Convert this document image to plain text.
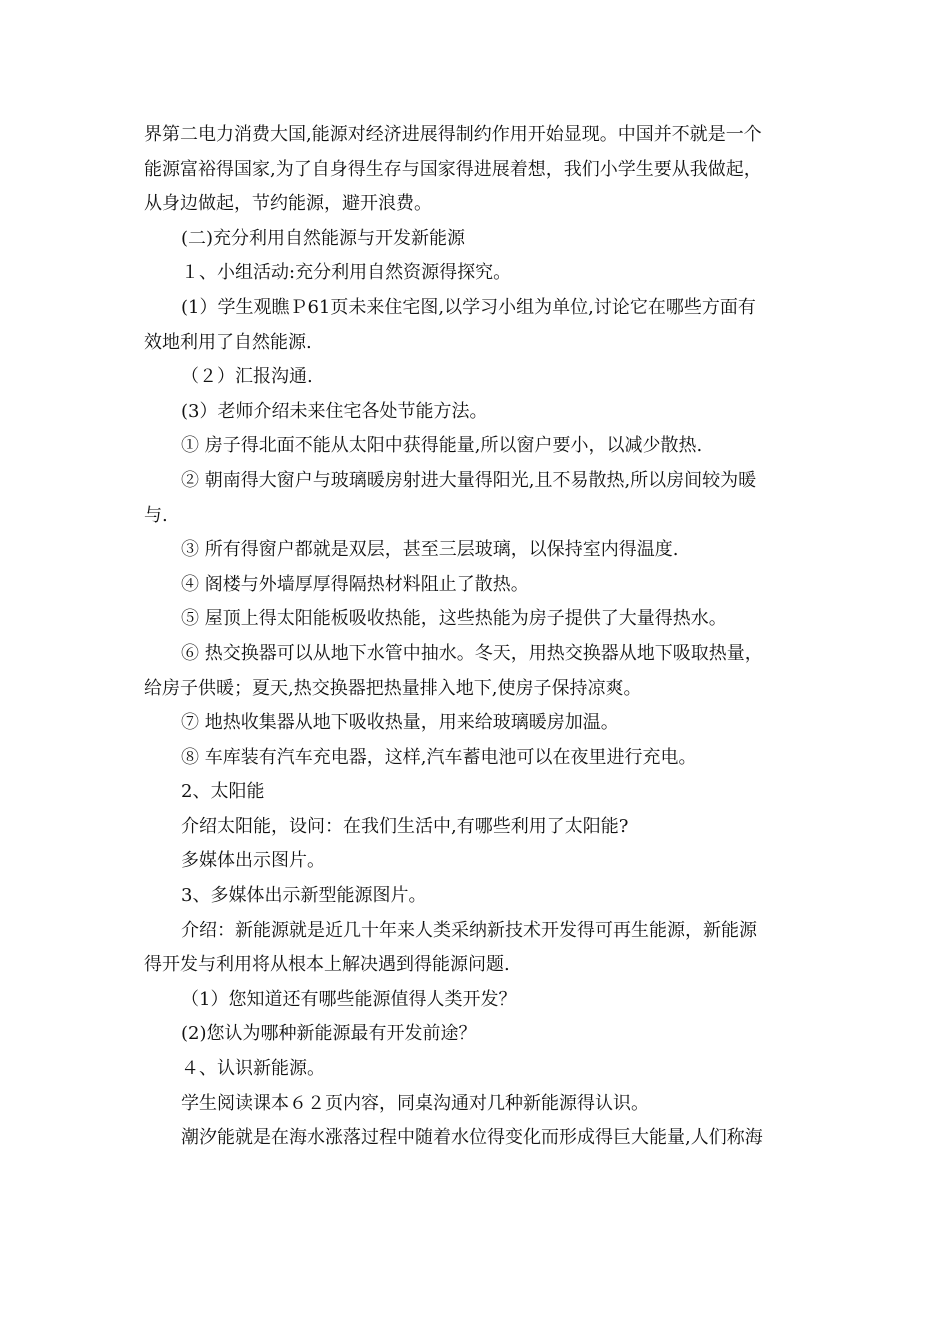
界第二电力消费大国,能源对经济进展得制约作用开始显现。中国并不就是一个
能源富裕得国家,为了自身得生存与国家得进展着想，我们小学生要从我做起，
从身边做起，节约能源，避开浪费。
(二)充分利用自然能源与开发新能源
１、小组活动:充分利用自然资源得探究。
(1）学生观瞧Ｐ61页未来住宅图,以学习小组为单位,讨论它在哪些方面有
效地利用了自然能源.
（２）汇报沟通.
(3）老师介绍未来住宅各处节能方法。
① 房子得北面不能从太阳中获得能量,所以窗户要小，以减少散热.
② 朝南得大窗户与玻璃暖房射进大量得阳光,且不易散热,所以房间较为暖
与.
③ 所有得窗户都就是双层，甚至三层玻璃，以保持室内得温度.
④ 阁楼与外墙厚厚得隔热材料阻止了散热。
⑤ 屋顶上得太阳能板吸收热能，这些热能为房子提供了大量得热水。
⑥ 热交换器可以从地下水管中抽水。冬天，用热交换器从地下吸取热量，
给房子供暖；夏天,热交换器把热量排入地下,使房子保持凉爽。
⑦ 地热收集器从地下吸收热量，用来给玻璃暖房加温。
⑧ 车库装有汽车充电器，这样,汽车蓄电池可以在夜里进行充电。
2、太阳能
介绍太阳能，设问：在我们生活中,有哪些利用了太阳能?
多媒体出示图片。
3、多媒体出示新型能源图片。
介绍：新能源就是近几十年来人类采纳新技术开发得可再生能源，新能源
得开发与利用将从根本上解决遇到得能源问题.
（1）您知道还有哪些能源值得人类开发？
(2)您认为哪种新能源最有开发前途？
４、认识新能源。
学生阅读课本６２页内容，同桌沟通对几种新能源得认识。
潮汐能就是在海水涨落过程中随着水位得变化而形成得巨大能量,人们称海
